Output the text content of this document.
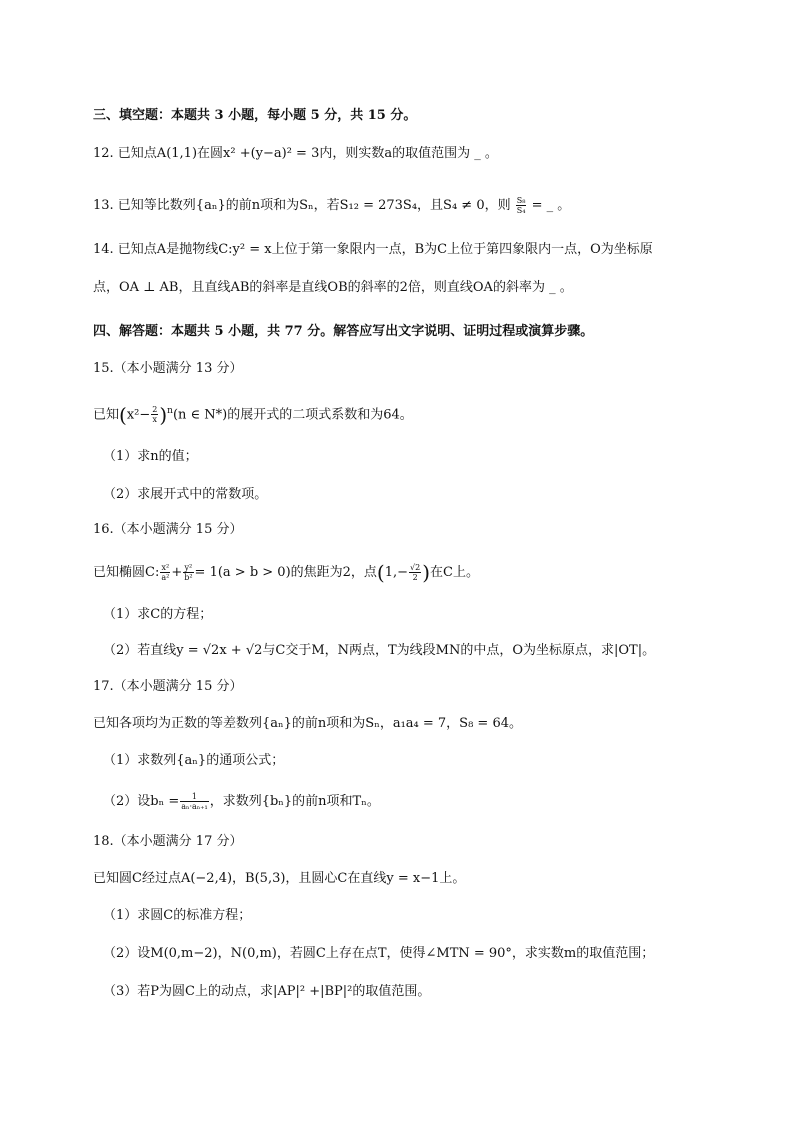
三、填空题：本题共 3 小题，每小题 5 分，共 15 分。
12. 已知点A(1,1)在圆x² +(y−a)² = 3内，则实数a的取值范围为 _ 。
13. 已知等比数列{aₙ}的前n项和为Sₙ，若S₁₂ = 273S₄，且S₄ ≠ 0，则 $\frac{\text{S₈}}{\text{S₄}}$ = _ 。
14. 已知点A是抛物线C:y² = x上位于第一象限内一点，B为C上位于第四象限内一点，O为坐标原
点，OA ⊥ AB，且直线AB的斜率是直线OB的斜率的2倍，则直线OA的斜率为 _ 。
四、解答题：本题共 5 小题，共 77 分。解答应写出文字说明、证明过程或演算步骤。
15.（本小题满分 13 分）
已知$(x^2- \frac{2}{x} )^n(n$ ∈ N*)的展开式的二项式系数和为64。
（1）求n的值；
（2）求展开式中的常数项。
16.（本小题满分 15 分）
已知椭圆C: $\frac{\text{x²}}{\text{a²}} + \frac{\text{y²}}{\text{b²}} = 1(a > b > 0)$的焦距为2，点($1,- \frac{√2}{2}$ )在C上。
（1）求C的方程；
（2）若直线y = √2x + √2与C交于M，N两点，T为线段MN的中点，O为坐标原点，求|OT|。
17.（本小题满分 15 分）
已知各项均为正数的等差数列{aₙ}的前n项和为Sₙ，a₁a₄ = 7，S₈ = 64。
（1）求数列{aₙ}的通项公式；
（2）设$b_n = \frac{1}{\text{aₙ·aₙ₊₁}}$ ，求数列{bₙ}的前n项和Tₙ。
18.（本小题满分 17 分）
已知圆C经过点A(−2,4)，B(5,3)，且圆心C在直线y = x−1上。
（1）求圆C的标准方程；
（2）设M(0,m−2)，N(0,m)，若圆C上存在点T，使得∠MTN = 90°，求实数m的取值范围；
（3）若P为圆C上的动点，求|AP|² +|BP|²的取值范围。
